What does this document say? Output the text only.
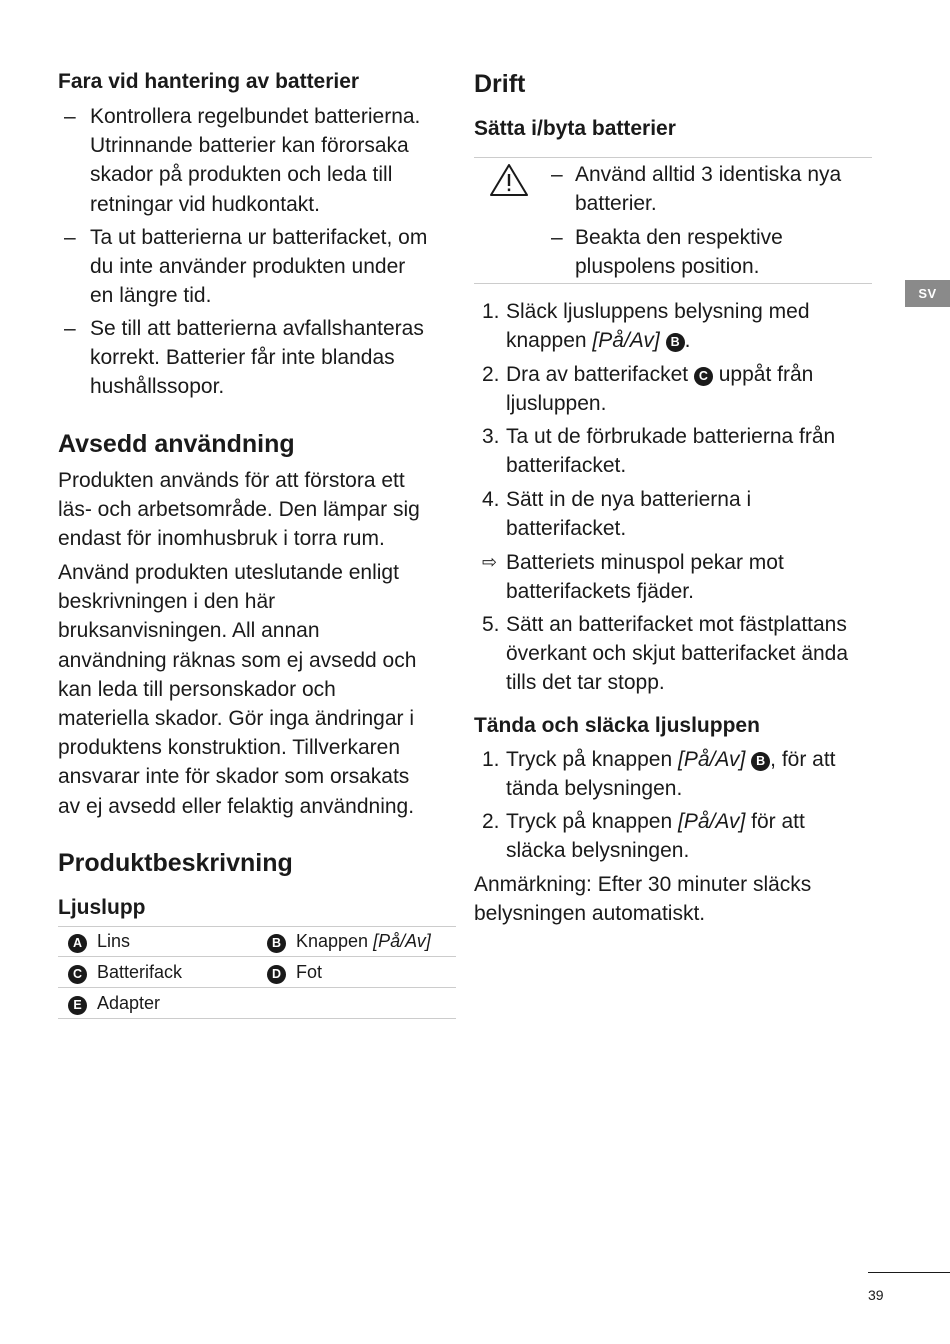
Fara vid hantering av batterier
– Kontrollera regelbundet batterierna.
Utrinnande batterier kan förorsaka
skador på produkten och leda till
retningar vid hudkontakt.
– Ta ut batterierna ur batterifacket, om
du inte använder produkten under
en längre tid.
– Se till att batterierna avfallshanteras
korrekt. Batterier får inte blandas
hushållssopor.
Avsedd användning
Produkten används för att förstora ett
läs- och arbetsområde. Den lämpar sig
endast för inomhusbruk i torra rum.
Använd produkten uteslutande enligt
beskrivningen i den här
bruksanvisningen. All annan
användning räknas som ej avsedd och
kan leda till personskador och
materiella skador. Gör inga ändringar i
produktens konstruktion. Tillverkaren
ansvarar inte för skador som orsakats
av ej avsedd eller felaktig användning.
Produktbeskrivning
Ljuslupp
A Lins	B Knappen [På/Av]
C Batterifack	D Fot
E Adapter
Drift
Sätta i/byta batterier
– Använd alltid 3 identiska nya
batterier.
– Beakta den respektive
pluspolens position.
1. Släck ljusluppens belysning med
knappen [På/Av] B .
2. Dra av batterifacket C uppåt från
ljusluppen.
3. Ta ut de förbrukade batterierna från
batterifacket.
4. Sätt in de nya batterierna i
batterifacket.
⇨ Batteriets minuspol pekar mot
batterifackets fjäder.
5. Sätt an batterifacket mot fästplattans
överkant och skjut batterifacket ända
tills det tar stopp.
Tända och släcka ljusluppen
1. Tryck på knappen [På/Av] B , för att
tända belysningen.
2. Tryck på knappen [På/Av] för att
släcka belysningen.
Anmärkning: Efter 30 minuter släcks
belysningen automatiskt.
SV
39
